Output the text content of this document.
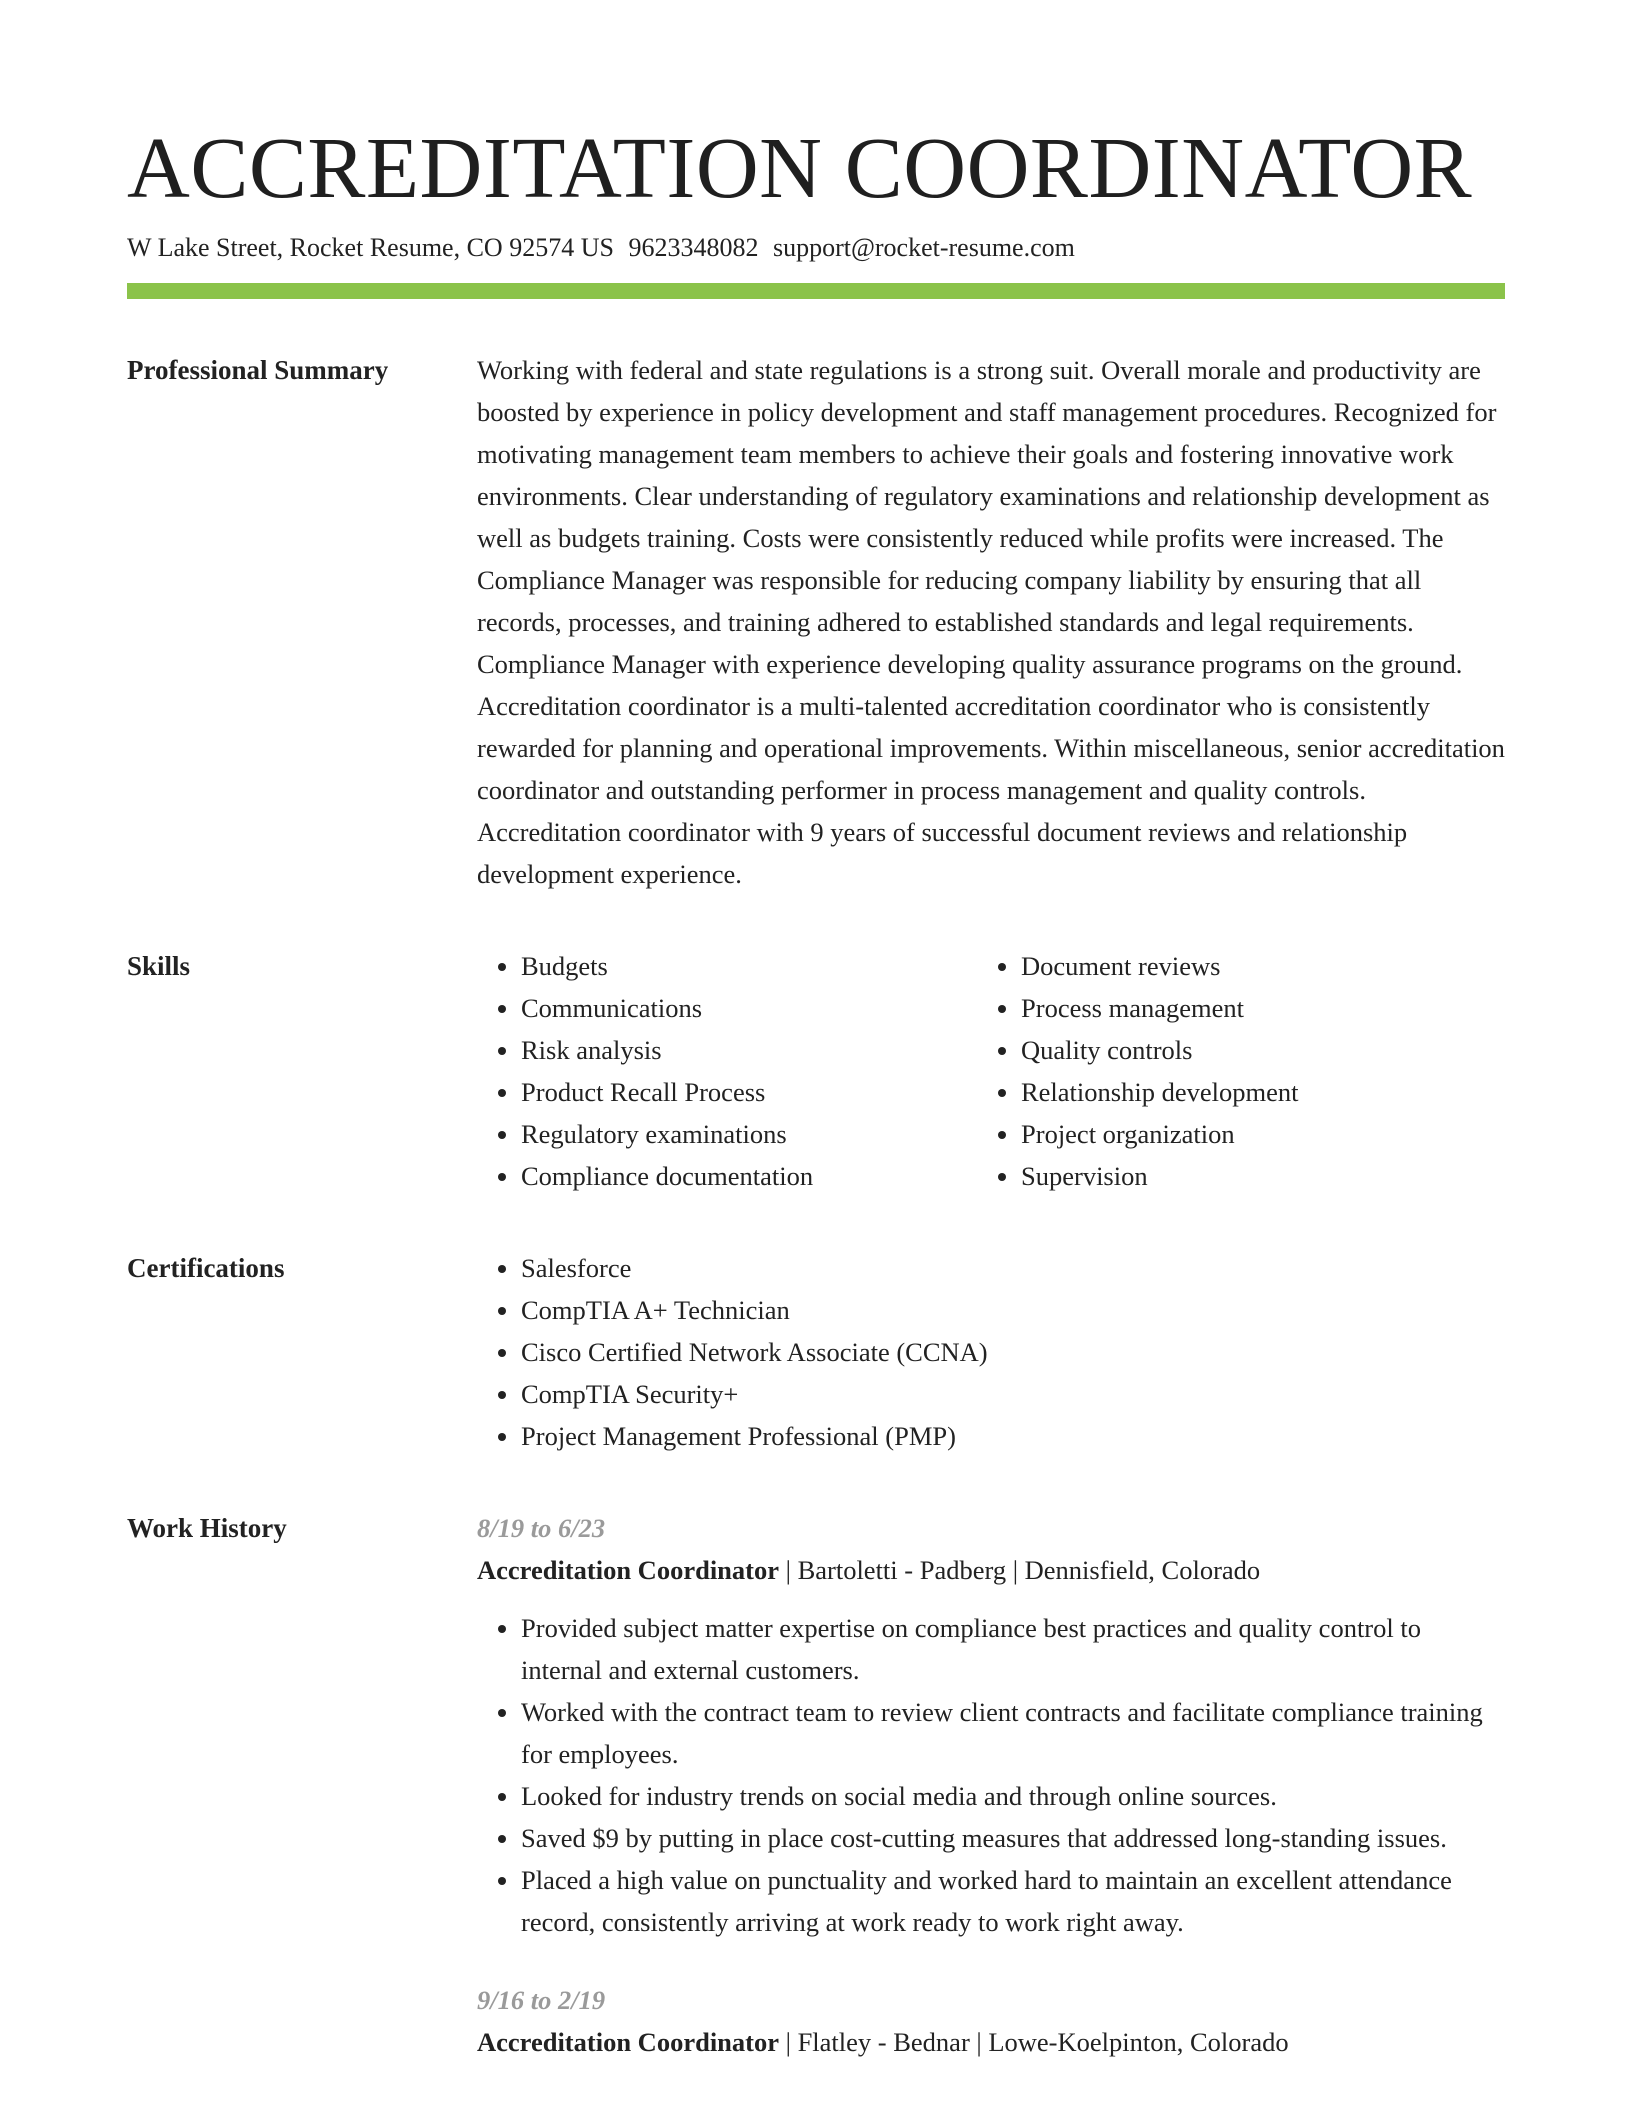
ACCREDITATION COORDINATOR
W Lake Street, Rocket Resume, CO 92574 US 9623348082 support@rocket-resume.com
Professional Summary	Working with federal and state regulations is a strong suit. Overall morale and productivity are boosted by experience in policy development and staff management procedures. Recognized for motivating management team members to achieve their goals and fostering innovative work environments. Clear understanding of regulatory examinations and relationship development as well as budgets training. Costs were consistently reduced while profits were increased. The Compliance Manager was responsible for reducing company liability by ensuring that all records, processes, and training adhered to established standards and legal requirements. Compliance Manager with experience developing quality assurance programs on the ground. Accreditation coordinator is a multi-talented accreditation coordinator who is consistently rewarded for planning and operational improvements. Within miscellaneous, senior accreditation coordinator and outstanding performer in process management and quality controls. Accreditation coordinator with 9 years of successful document reviews and relationship development experience.

Skills	• Budgets
• Communications
• Risk analysis
• Product Recall Process
• Regulatory examinations
• Compliance documentation
• Document reviews
• Process management
• Quality controls
• Relationship development
• Project organization
• Supervision
Certifications	• Salesforce
• CompTIA A+ Technician
• Cisco Certified Network Associate (CCNA)
• CompTIA Security+
• Project Management Professional (PMP)
Work History	8/19 to 6/23
Accreditation Coordinator | Bartoletti - Padberg | Dennisfield, Colorado
• Provided subject matter expertise on compliance best practices and quality control to internal and external customers.
• Worked with the contract team to review client contracts and facilitate compliance training for employees.
• Looked for industry trends on social media and through online sources.
• Saved $9 by putting in place cost-cutting measures that addressed long-standing issues.
• Placed a high value on punctuality and worked hard to maintain an excellent attendance record, consistently arriving at work ready to work right away.
9/16 to 2/19
Accreditation Coordinator | Flatley - Bednar | Lowe-Koelpinton, Colorado
